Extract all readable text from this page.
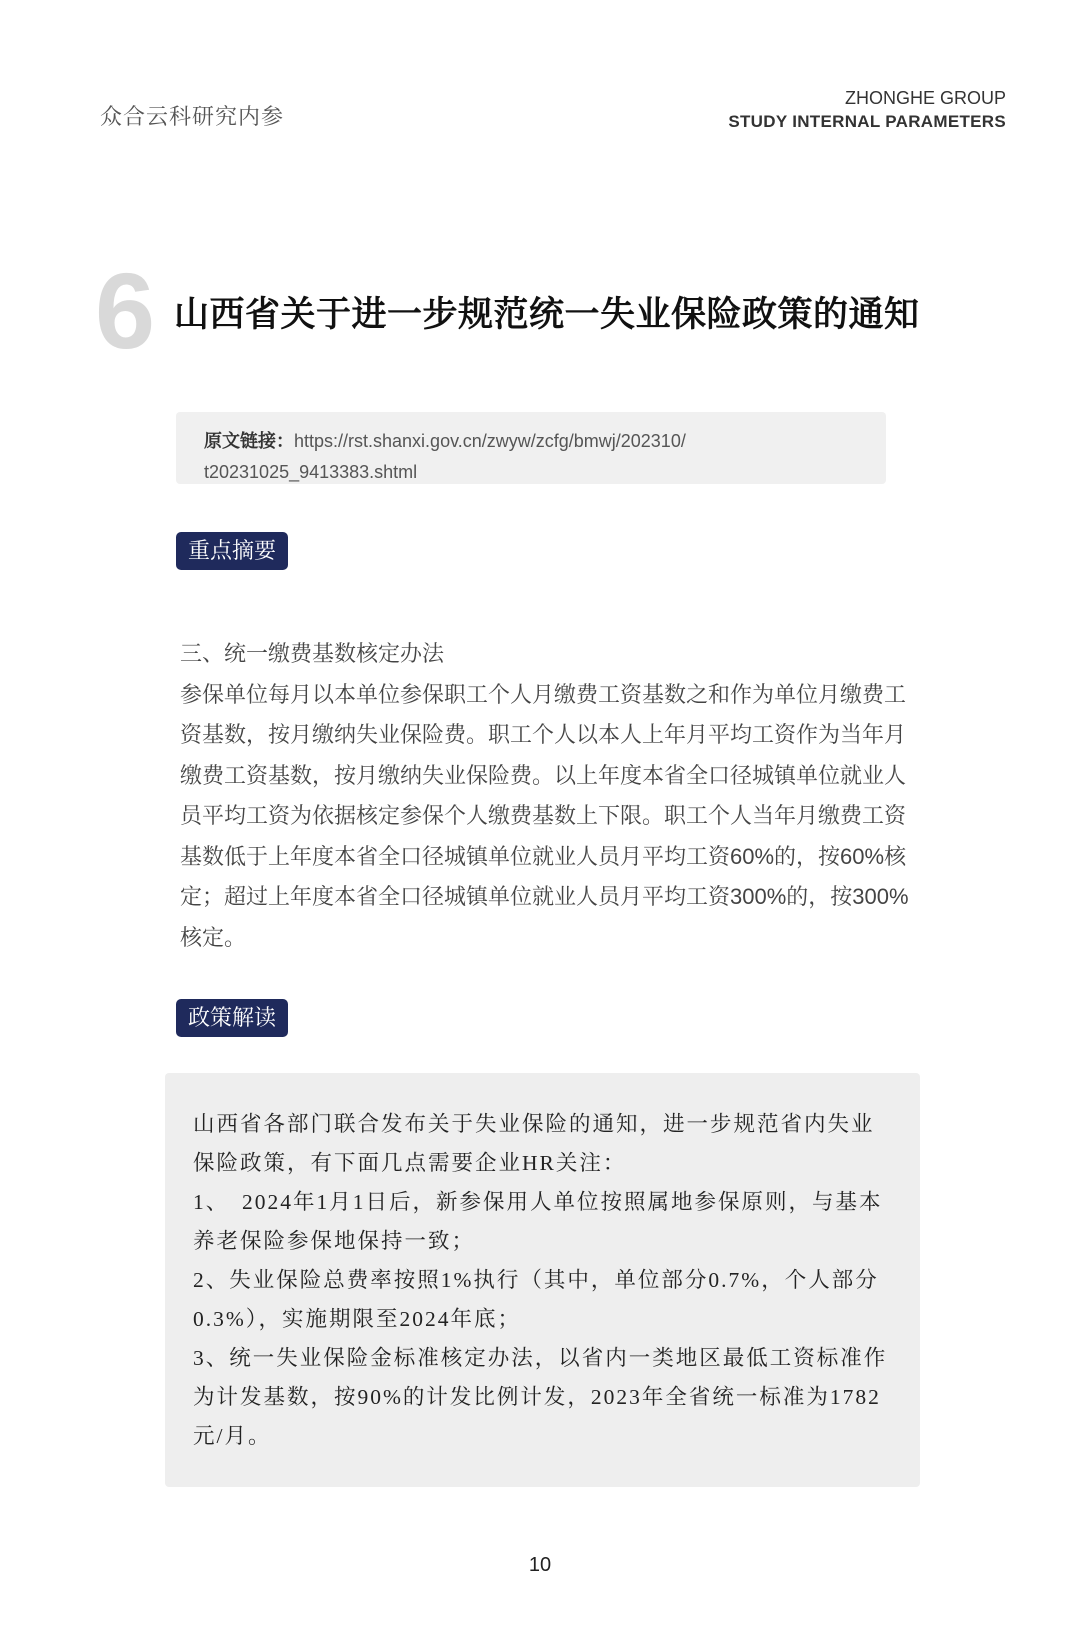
众合云科研究内参
ZHONGHE GROUP
STUDY INTERNAL PARAMETERS
6 山西省关于进一步规范统一失业保险政策的通知
原文链接：https://rst.shanxi.gov.cn/zwyw/zcfg/bmwj/202310/
t20231025_9413383.shtml
重点摘要

三、统一缴费基数核定办法

参保单位每月以本单位参保职工个人月缴费工资基数之和作为单位月缴费工资基数，按月缴纳失业保险费。职工个人以本人上年月平均工资作为当年月缴费工资基数，按月缴纳失业保险费。以上年度本省全口径城镇单位就业人员平均工资为依据核定参保个人缴费基数上下限。职工个人当年月缴费工资基数低于上年度本省全口径城镇单位就业人员月平均工资60%的，按60%核定；超过上年度本省全口径城镇单位就业人员月平均工资300%的，按300%核定。

政策解读

山西省各部门联合发布关于失业保险的通知，进一步规范省内失业保险政策，有下面几点需要企业HR关注：

1、　2024年1月1日后，新参保用人单位按照属地参保原则，与基本养老保险参保地保持一致；

2、失业保险总费率按照1%执行（其中，单位部分0.7%，个人部分0.3%），实施期限至2024年底；

3、统一失业保险金标准核定办法，以省内一类地区最低工资标准作为计发基数，按90%的计发比例计发，2023年全省统一标准为1782元/月。

10
